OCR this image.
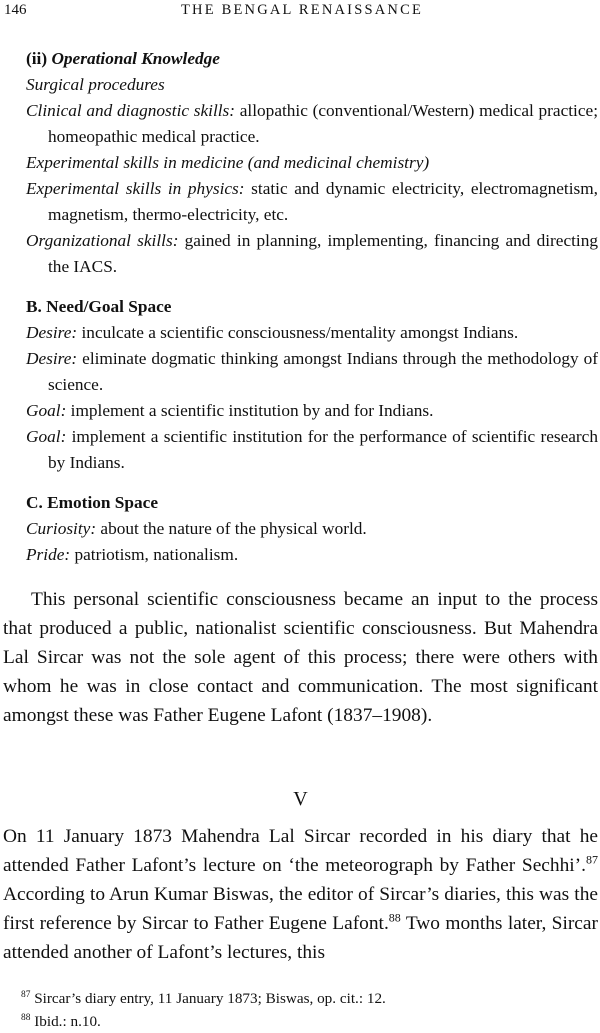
146	THE BENGAL RENAISSANCE

(ii) Operational Knowledge

Surgical procedures

Clinical and diagnostic skills: allopathic (conventional/Western) medical practice; homeopathic medical practice.

Experimental skills in medicine (and medicinal chemistry)

Experimental skills in physics: static and dynamic electricity, electromagnetism, magnetism, thermo-electricity, etc.

Organizational skills: gained in planning, implementing, financing and directing the IACS.

B. Need/Goal Space

Desire: inculcate a scientific consciousness/mentality amongst Indians.

Desire: eliminate dogmatic thinking amongst Indians through the methodology of science.

Goal: implement a scientific institution by and for Indians.

Goal: implement a scientific institution for the performance of scientific research by Indians.

C. Emotion Space

Curiosity: about the nature of the physical world.

Pride: patriotism, nationalism.

This personal scientific consciousness became an input to the process that produced a public, nationalist scientific consciousness. But Mahendra Lal Sircar was not the sole agent of this process; there were others with whom he was in close contact and communication. The most significant amongst these was Father Eugene Lafont (1837–1908).

V

On 11 January 1873 Mahendra Lal Sircar recorded in his diary that he attended Father Lafont’s lecture on ‘the meteorograph by Father Sechhi’.$^{87}$ According to Arun Kumar Biswas, the editor of Sircar’s diaries, this was the first reference by Sircar to Father Eugene Lafont.$^{88}$ Two months later, Sircar attended another of Lafont’s lectures, this

$^{87}$ Sircar’s diary entry, 11 January 1873; Biswas, op. cit.: 12.

$^{88}$ Ibid.: n.10.
